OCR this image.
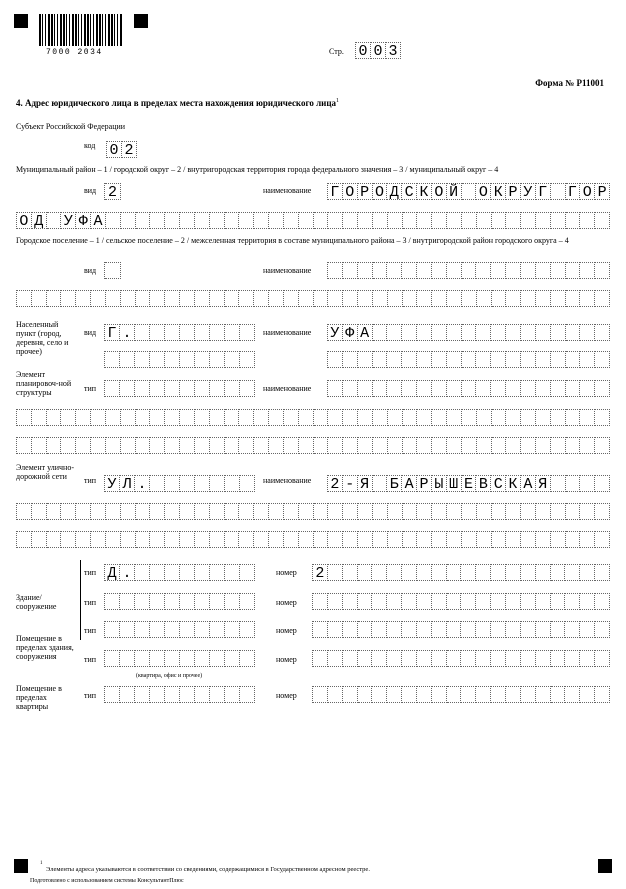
7000 2034	Стр. 0 0 3
Форма № Р11001
4. Адрес юридического лица в пределах места нахождения юридического лица$^1$
Субъект Российской Федерации
код 0 2
Муниципальный район – 1 / городской округ – 2 / внутригородская территория города федерального значения – 3 / муниципальный округ – 4
вид 2	наименование Г О Р О Д С К О Й О К Р У Г Г О Р
О Д У Ф А
Городское поселение – 1 / сельское поселение – 2 / межселенная территория в составе муниципального района – 3 / внутригородской район городского округа – 4
вид	наименование
Населенный пункт (город, деревня, село и прочее)
вид Г .	наименование У Ф А
Элемент планировоч-ной структуры	тип	наименование
Элемент улично-дорожной сети	тип У Л .	наименование 2 - Я Б А Р Ы Ш Е В С К А Я
Здание/ сооружение
тип Д .	номер 2
тип	номер
тип	номер
Помещение в пределах здания, сооружения	тип	номер
(квартира, офис и прочее)
Помещение в пределах квартиры
тип	номер
1
Элементы адреса указываются в соответствии со сведениями, содержащимися в Государственном адресном реестре.
Подготовлено с использованием системы КонсультантПлюс
